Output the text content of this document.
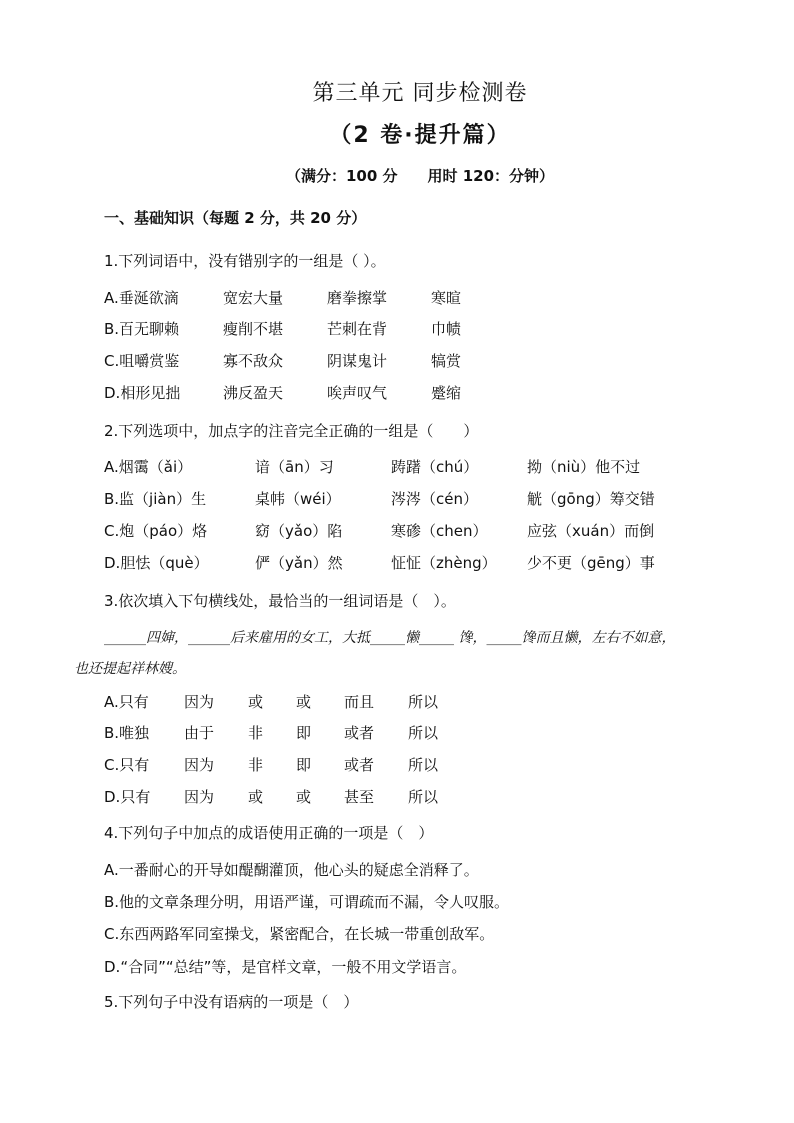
第三单元 同步检测卷
（2 卷·提升篇）
（满分：100 分　　用时 120：分钟）
一、基础知识（每题 2 分，共 20 分）
1.下列词语中，没有错别字的一组是（ ）。
A.垂涎欲滴	宽宏大量	磨拳擦掌	寒暄
B.百无聊赖	瘦削不堪	芒刺在背	巾帻
C.咀嚼赏鉴	寡不敌众	阴谋鬼计	犒赏
D.相形见拙	沸反盈天	唉声叹气	蹙缩
2.下列选项中，加点字的注音完全正确的一组是（　　）
A.烟霭（ǎi）	谙（ān）习	踌躇（chú）	拗（niù）他不过
B.监（jiàn）生	桌帏（wéi）	涔涔（cén）	觥（gōng）筹交错
C.炮（páo）烙	窈（yǎo）陷	寒碜（chen）	应弦（xuán）而倒
D.胆怯（què）	俨（yǎn）然	怔怔（zhèng） 少不更（gēng）事
3.依次填入下句横线处，最恰当的一组词语是（　）。
______四婶，______后来雇用的女工，大抵_____懒_____ 馋，_____馋而且懒，左右不如意，
也还提起祥林嫂。
A.只有 因为 或 或 而且 所以
B.唯独 由于 非 即 或者 所以
C.只有 因为 非 即 或者 所以
D.只有 因为 或 或 甚至 所以
4.下列句子中加点的成语使用正确的一项是（　）
A.一番耐心的开导如醍醐灌顶，他心头的疑虑全消释了。
B.他的文章条理分明，用语严谨，可谓疏而不漏，令人叹服。
C.东西两路军同室操戈，紧密配合，在长城一带重创敌军。
D.“合同”“总结”等，是官样文章，一般不用文学语言。
5.下列句子中没有语病的一项是（　）
